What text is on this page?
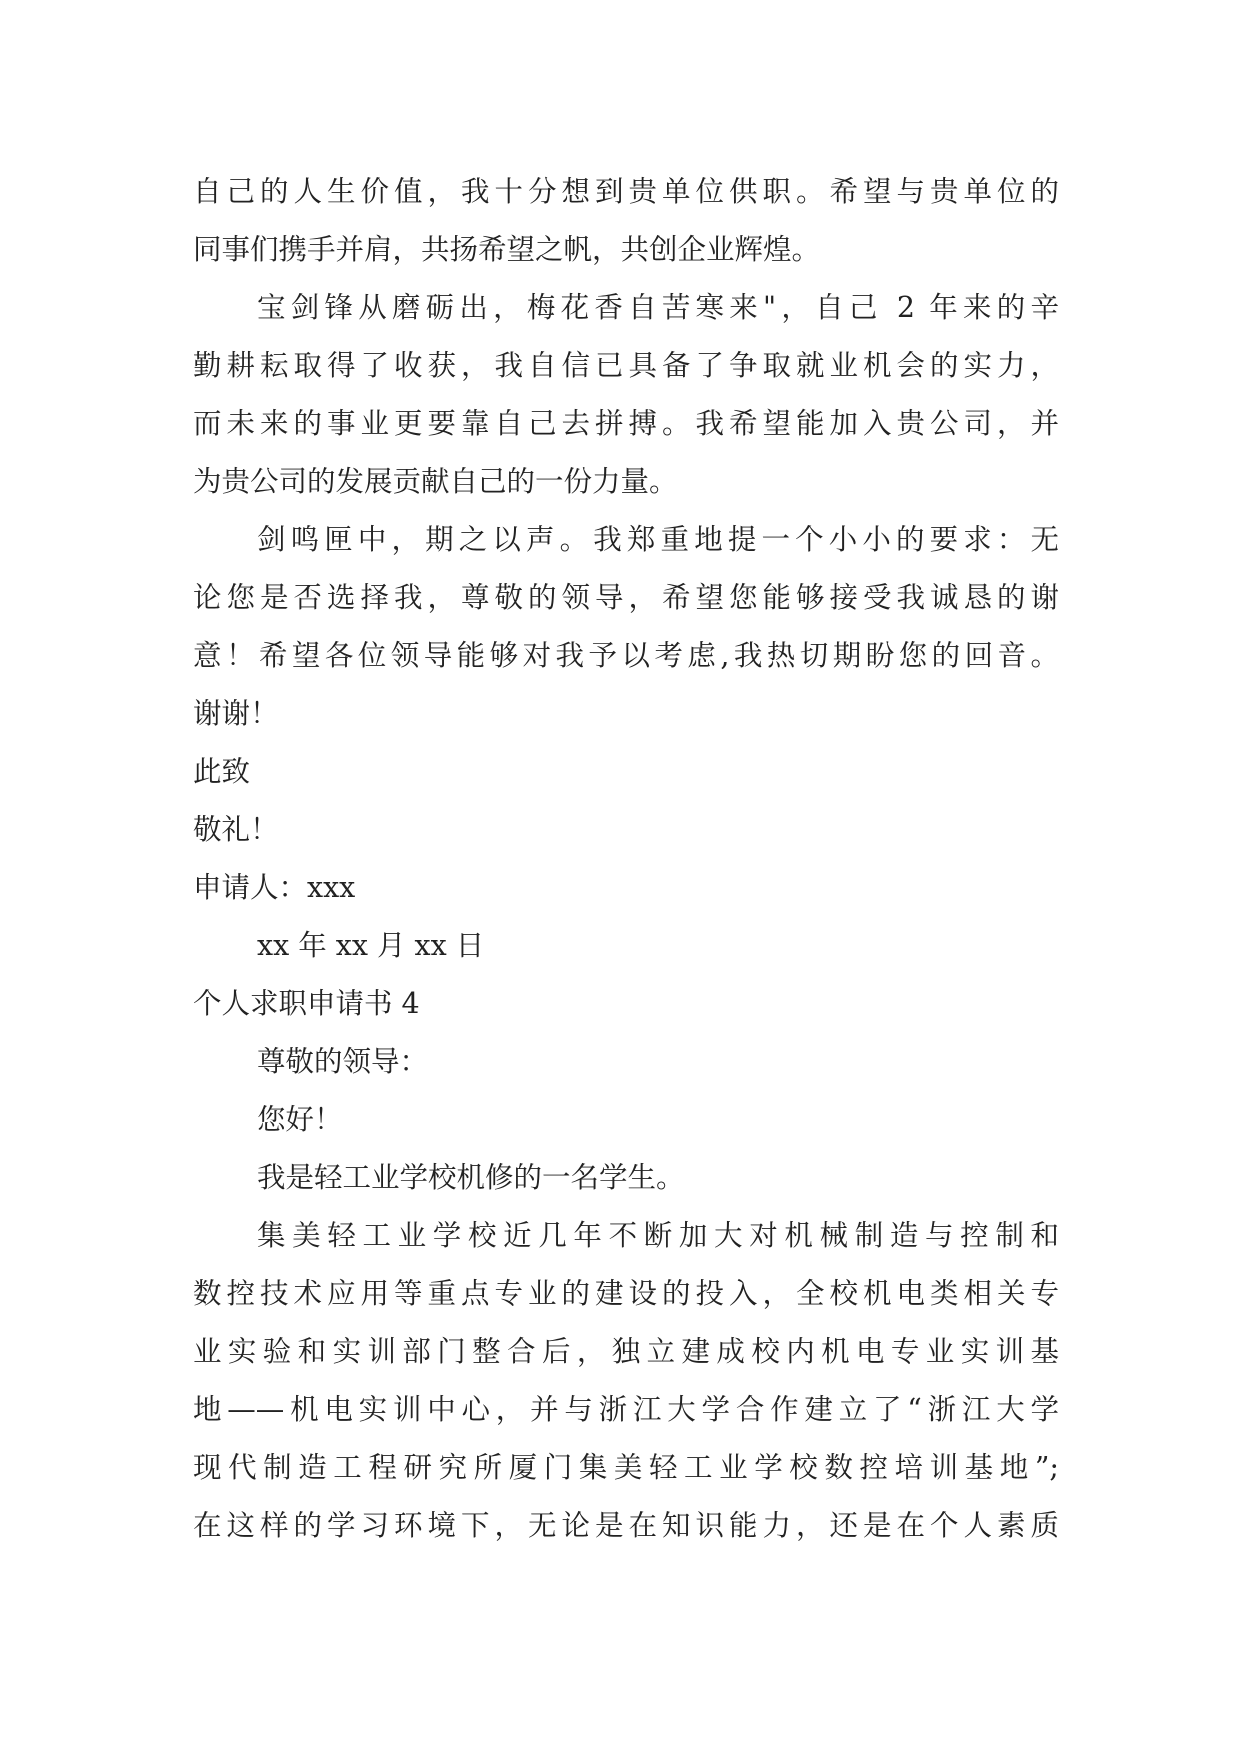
自己的人生价值，我十分想到贵单位供职。希望与贵单位的
同事们携手并肩，共扬希望之帆，共创企业辉煌。
宝剑锋从磨砺出，梅花香自苦寒来"，自己 2 年来的辛
勤耕耘取得了收获，我自信已具备了争取就业机会的实力，
而未来的事业更要靠自己去拼搏。我希望能加入贵公司，并
为贵公司的发展贡献自己的一份力量。
剑鸣匣中，期之以声。我郑重地提一个小小的要求：无
论您是否选择我，尊敬的领导，希望您能够接受我诚恳的谢
意！希望各位领导能够对我予以考虑,我热切期盼您的回音。
谢谢！
此致
敬礼！
申请人：xxx
xx 年 xx 月 xx 日
个人求职申请书 4
尊敬的领导：
您好！
我是轻工业学校机修的一名学生。
集美轻工业学校近几年不断加大对机械制造与控制和
数控技术应用等重点专业的建设的投入，全校机电类相关专
业实验和实训部门整合后，独立建成校内机电专业实训基
地——机电实训中心，并与浙江大学合作建立了“浙江大学
现代制造工程研究所厦门集美轻工业学校数控培训基地”;
在这样的学习环境下，无论是在知识能力，还是在个人素质
